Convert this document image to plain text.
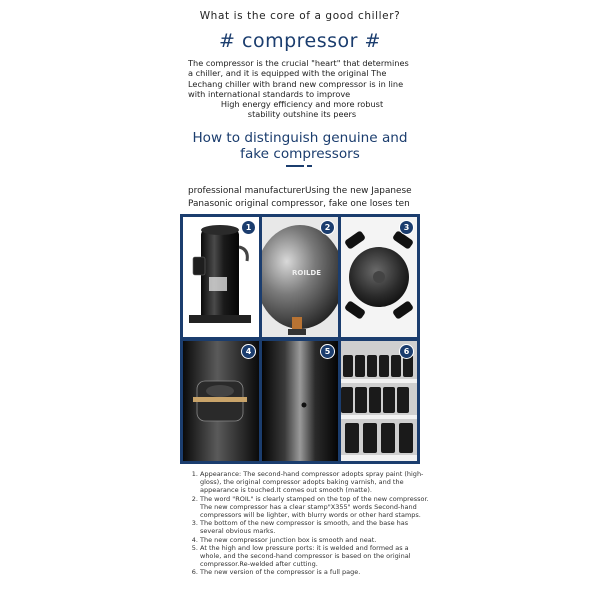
What is the core of a good chiller?
# compressor #
The compressor is the crucial "heart" that determines
a chiller, and it is equipped with the original The
Lechang chiller with brand new compressor is in line
with international standards to improve
High energy efficiency and more robust
stability outshine its peers
How to distinguish genuine and
fake compressors
professional manufacturerUsing the new Japanese
Panasonic original compressor, fake one loses ten
1
ROILDE
2	3
4	5	6
1. Appearance: The second-hand compressor adopts spray paint (high-gloss), the original compressor adopts baking varnish, and the appearance is touched.It comes out smooth (matte).
2. The word "ROIL" is clearly stamped on the top of the new compressor. The new compressor has a clear stamp"X355" words Second-hand compressors will be lighter, with blurry words or other hard stamps.
3. The bottom of the new compressor is smooth, and the base has several obvious marks.
4. The new compressor junction box is smooth and neat.
5. At the high and low pressure ports: it is welded and formed as a whole, and the second-hand compressor is based on the original compressor.Re-welded after cutting.
6. The new version of the compressor is a full page.
